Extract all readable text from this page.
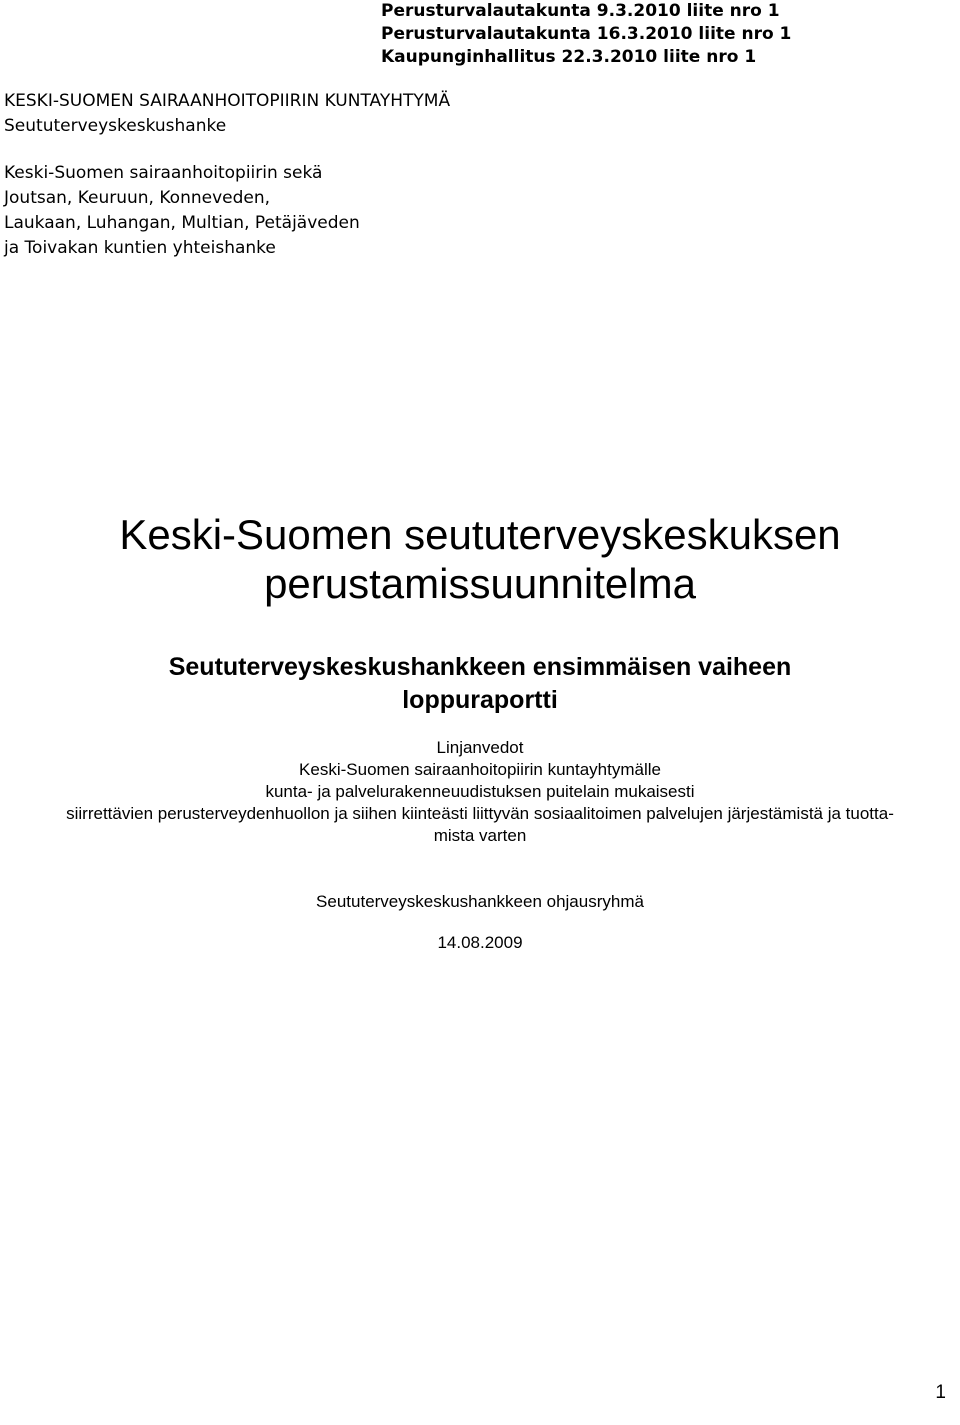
Perusturvalautakunta 9.3.2010 liite nro 1
Perusturvalautakunta 16.3.2010 liite nro 1
Kaupunginhallitus 22.3.2010 liite nro 1
KESKI-SUOMEN SAIRAANHOITOPIIRIN KUNTAYHTYMÄ
Seututerveyskeskushanke
Keski-Suomen sairaanhoitopiirin sekä
Joutsan, Keuruun, Konneveden,
Laukaan, Luhangan, Multian, Petäjäveden
ja Toivakan kuntien yhteishanke
Keski-Suomen seututerveyskeskuksen
perustamissuunnitelma
Seututerveyskeskushankkeen ensimmäisen vaiheen
loppuraportti
Linjanvedot
Keski-Suomen sairaanhoitopiirin kuntayhtymälle
kunta- ja palvelurakenneuudistuksen puitelain mukaisesti
siirrettävien perusterveydenhuollon ja siihen kiinteästi liittyvän sosiaalitoimen palvelujen järjestämistä ja tuotta-
mista varten
Seututerveyskeskushankkeen ohjausryhmä
14.08.2009
1
